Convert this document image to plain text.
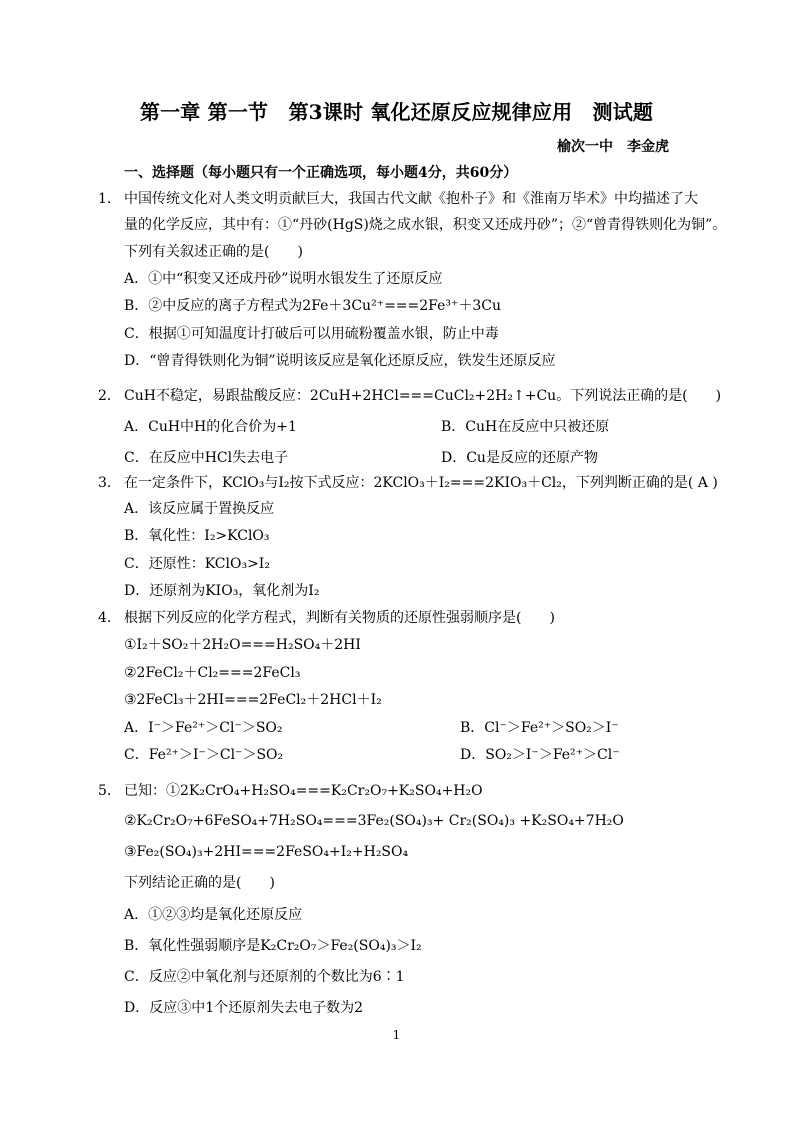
第一章 第一节　第3课时 氧化还原反应规律应用　测试题
榆次一中　李金虎
一、选择题（每小题只有一个正确选项，每小题4分，共60分）
1． 中国传统文化对人类文明贡献巨大，我国古代文献《抱朴子》和《淮南万毕术》中均描述了大
量的化学反应，其中有：①“丹砂(HgS)烧之成水银，积变又还成丹砂”；②“曾青得铁则化为铜”。
下列有关叙述正确的是(　　)
A．①中“积变又还成丹砂”说明水银发生了还原反应
B．②中反应的离子方程式为2Fe＋3Cu²⁺===2Fe³⁺＋3Cu
C．根据①可知温度计打破后可以用硫粉覆盖水银，防止中毒
D．“曾青得铁则化为铜”说明该反应是氧化还原反应，铁发生还原反应
2． CuH不稳定，易跟盐酸反应：2CuH+2HCl===CuCl₂+2H₂↑+Cu。下列说法正确的是(　　)
A．CuH中H的化合价为+1	B．CuH在反应中只被还原
C．在反应中HCl失去电子	D．Cu是反应的还原产物
3． 在一定条件下，KClO₃与I₂按下式反应：2KClO₃＋I₂===2KIO₃＋Cl₂，下列判断正确的是( A )
A．该反应属于置换反应
B．氧化性：I₂>KClO₃
C．还原性：KClO₃>I₂
D．还原剂为KIO₃，氧化剂为I₂
4． 根据下列反应的化学方程式，判断有关物质的还原性强弱顺序是(　　)
①I₂＋SO₂＋2H₂O===H₂SO₄＋2HI
②2FeCl₂＋Cl₂===2FeCl₃
③2FeCl₃＋2HI===2FeCl₂＋2HCl＋I₂
A．I⁻＞Fe²⁺＞Cl⁻＞SO₂	B．Cl⁻＞Fe²⁺＞SO₂＞I⁻
C．Fe²⁺＞I⁻＞Cl⁻＞SO₂	D．SO₂＞I⁻＞Fe²⁺＞Cl⁻
5． 已知：①2K₂CrO₄+H₂SO₄===K₂Cr₂O₇+K₂SO₄+H₂O
②K₂Cr₂O₇+6FeSO₄+7H₂SO₄===3Fe₂(SO₄)₃+ Cr₂(SO₄)₃ +K₂SO₄+7H₂O
③Fe₂(SO₄)₃+2HI===2FeSO₄+I₂+H₂SO₄
下列结论正确的是(　　)
A．①②③均是氧化还原反应
B．氧化性强弱顺序是K₂Cr₂O₇＞Fe₂(SO₄)₃＞I₂
C．反应②中氧化剂与还原剂的个数比为6∶1
D．反应③中1个还原剂失去电子数为2
1
